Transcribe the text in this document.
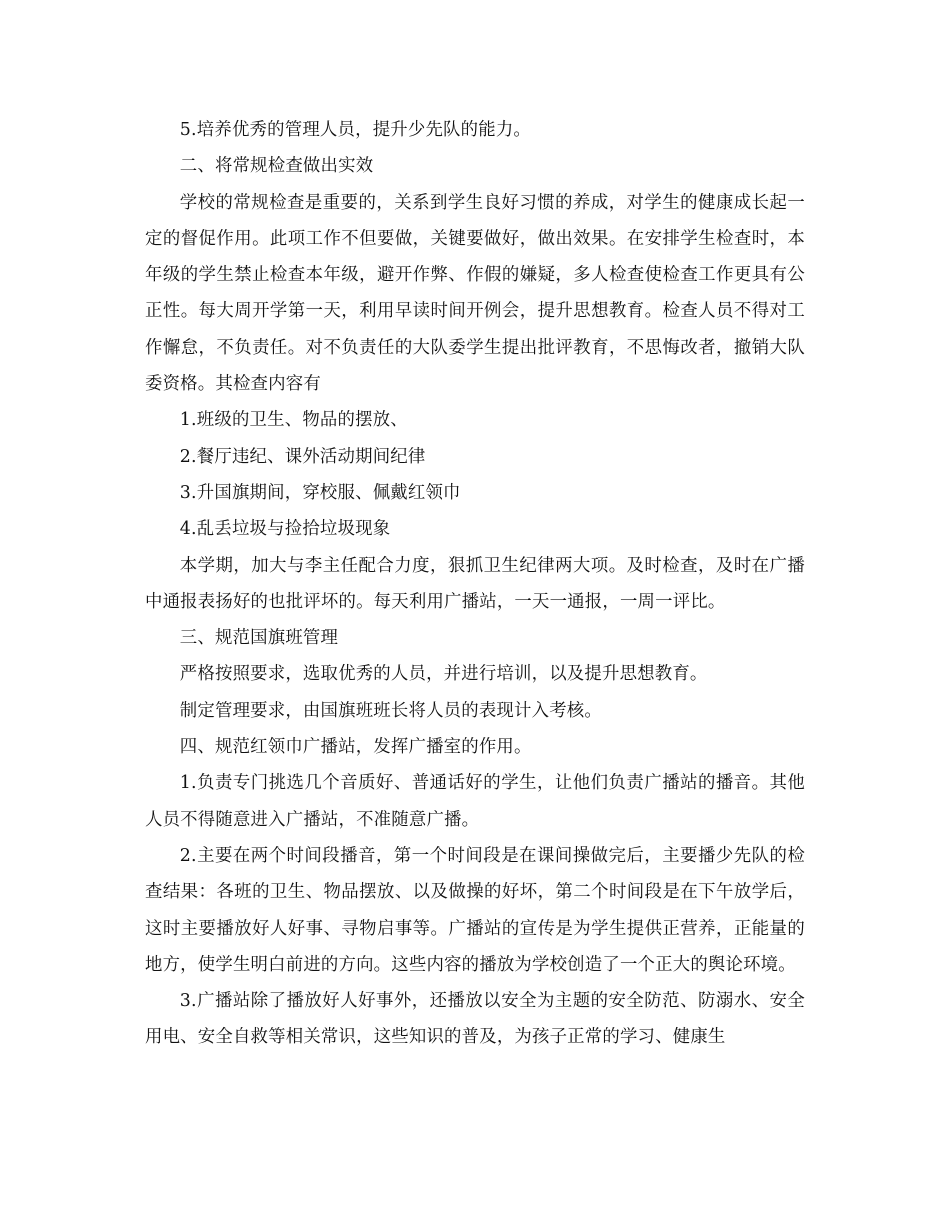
5.培养优秀的管理人员，提升少先队的能力。

二、将常规检查做出实效

学校的常规检查是重要的，关系到学生良好习惯的养成，对学生的健康成长起一定的督促作用。此项工作不但要做，关键要做好，做出效果。在安排学生检查时，本年级的学生禁止检查本年级，避开作弊、作假的嫌疑，多人检查使检查工作更具有公正性。每大周开学第一天，利用早读时间开例会，提升思想教育。检查人员不得对工作懈怠，不负责任。对不负责任的大队委学生提出批评教育，不思悔改者，撤销大队委资格。其检查内容有

1.班级的卫生、物品的摆放、

2.餐厅违纪、课外活动期间纪律

3.升国旗期间，穿校服、佩戴红领巾

4.乱丢垃圾与捡拾垃圾现象

本学期，加大与李主任配合力度，狠抓卫生纪律两大项。及时检查，及时在广播中通报表扬好的也批评坏的。每天利用广播站，一天一通报，一周一评比。

三、规范国旗班管理

严格按照要求，选取优秀的人员，并进行培训，以及提升思想教育。

制定管理要求，由国旗班班长将人员的表现计入考核。

四、规范红领巾广播站，发挥广播室的作用。

1.负责专门挑选几个音质好、普通话好的学生，让他们负责广播站的播音。其他人员不得随意进入广播站，不准随意广播。

2.主要在两个时间段播音，第一个时间段是在课间操做完后，主要播少先队的检查结果：各班的卫生、物品摆放、以及做操的好坏，第二个时间段是在下午放学后，这时主要播放好人好事、寻物启事等。广播站的宣传是为学生提供正营养，正能量的地方，使学生明白前进的方向。这些内容的播放为学校创造了一个正大的舆论环境。

3.广播站除了播放好人好事外，还播放以安全为主题的安全防范、防溺水、安全用电、安全自救等相关常识，这些知识的普及，为孩子正常的学习、健康生
